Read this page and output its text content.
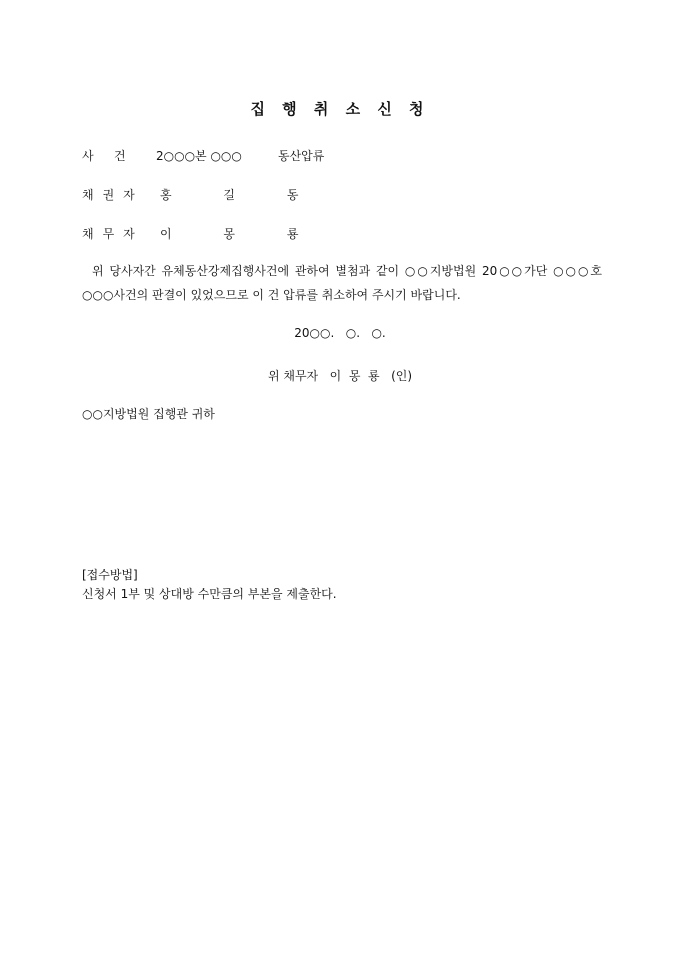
집 행 취 소 신 청
사 건	2○○○본 ○○○	동산압류
채권자 홍 길 동
채무자 이 몽 룡
위 당사자간 유체동산강제집행사건에 관하여 별첨과 같이 ○○지방법원 20○○가단 ○○○호 ○○○사건의 판결이 있었으므로 이 건 압류를 취소하여 주시기 바랍니다.
20○○.   ○.   ○.
위 채무자   이  몽  룡   (인)
○○지방법원 집행관 귀하
[접수방법]
신청서 1부 및 상대방 수만큼의 부본을 제출한다.
